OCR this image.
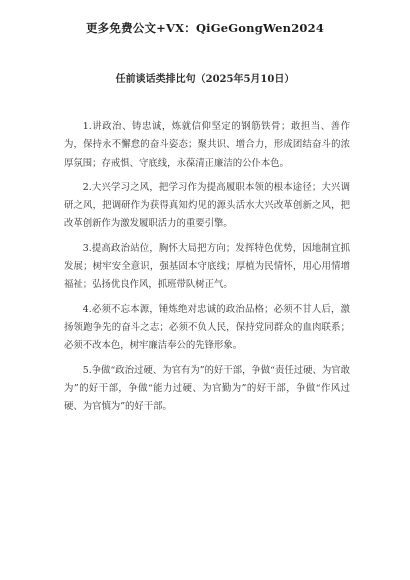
更多免费公文+VX：QiGeGongWen2024
任前谈话类排比句（2025年5月10日）

1.讲政治、铸忠诚，炼就信仰坚定的钢筋铁骨；敢担当、善作为，保持永不懈怠的奋斗姿态；聚共识、增合力，形成团结奋斗的浓厚氛围；存戒惧、守底线，永葆清正廉洁的公仆本色。

2.大兴学习之风，把学习作为提高履职本领的根本途径；大兴调研之风，把调研作为获得真知灼见的源头活水大兴改革创新之风，把改革创新作为激发履职活力的重要引擎。

3.提高政治站位，胸怀大局把方向；发挥特色优势，因地制宜抓发展；树牢安全意识，强基固本守底线；厚植为民情怀，用心用情增福祉；弘扬优良作风，抓班带队树正气。

4.必须不忘本源，锤炼绝对忠诚的政治品格；必须不甘人后，激扬领跑争先的奋斗之志；必须不负人民，保持党同群众的血肉联系；必须不改本色，树牢廉洁奉公的先锋形象。

5.争做“政治过硬、为官有为”的好干部，争做“责任过硬、为官敢为”的好干部，争做“能力过硬、为官勤为”的好干部，争做“作风过硬、为官慎为”的好干部。
